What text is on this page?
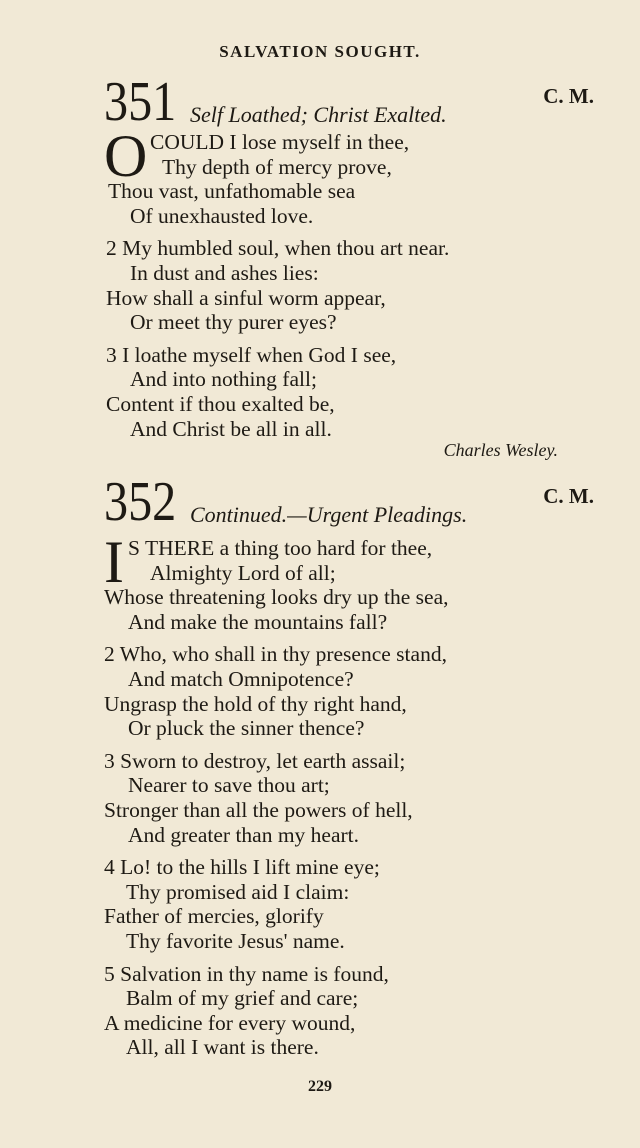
SALVATION SOUGHT.
351 Self Loathed; Christ Exalted.
C. M.
O COULD I lose myself in thee,
Thy depth of mercy prove,
Thou vast, unfathomable sea
Of unexhausted love.
2 My humbled soul, when thou art near.
In dust and ashes lies:
How shall a sinful worm appear,
Or meet thy purer eyes?
3 I loathe myself when God I see,
And into nothing fall;
Content if thou exalted be,
And Christ be all in all.
Charles Wesley.
352 Continued.—Urgent Pleadings.
C. M.
I S THERE a thing too hard for thee,
Almighty Lord of all;
Whose threatening looks dry up the sea,
And make the mountains fall?
2 Who, who shall in thy presence stand,
And match Omnipotence?
Ungrasp the hold of thy right hand,
Or pluck the sinner thence?
3 Sworn to destroy, let earth assail;
Nearer to save thou art;
Stronger than all the powers of hell,
And greater than my heart.
4 Lo! to the hills I lift mine eye;
Thy promised aid I claim:
Father of mercies, glorify
Thy favorite Jesus' name.
5 Salvation in thy name is found,
Balm of my grief and care;
A medicine for every wound,
All, all I want is there.
229
